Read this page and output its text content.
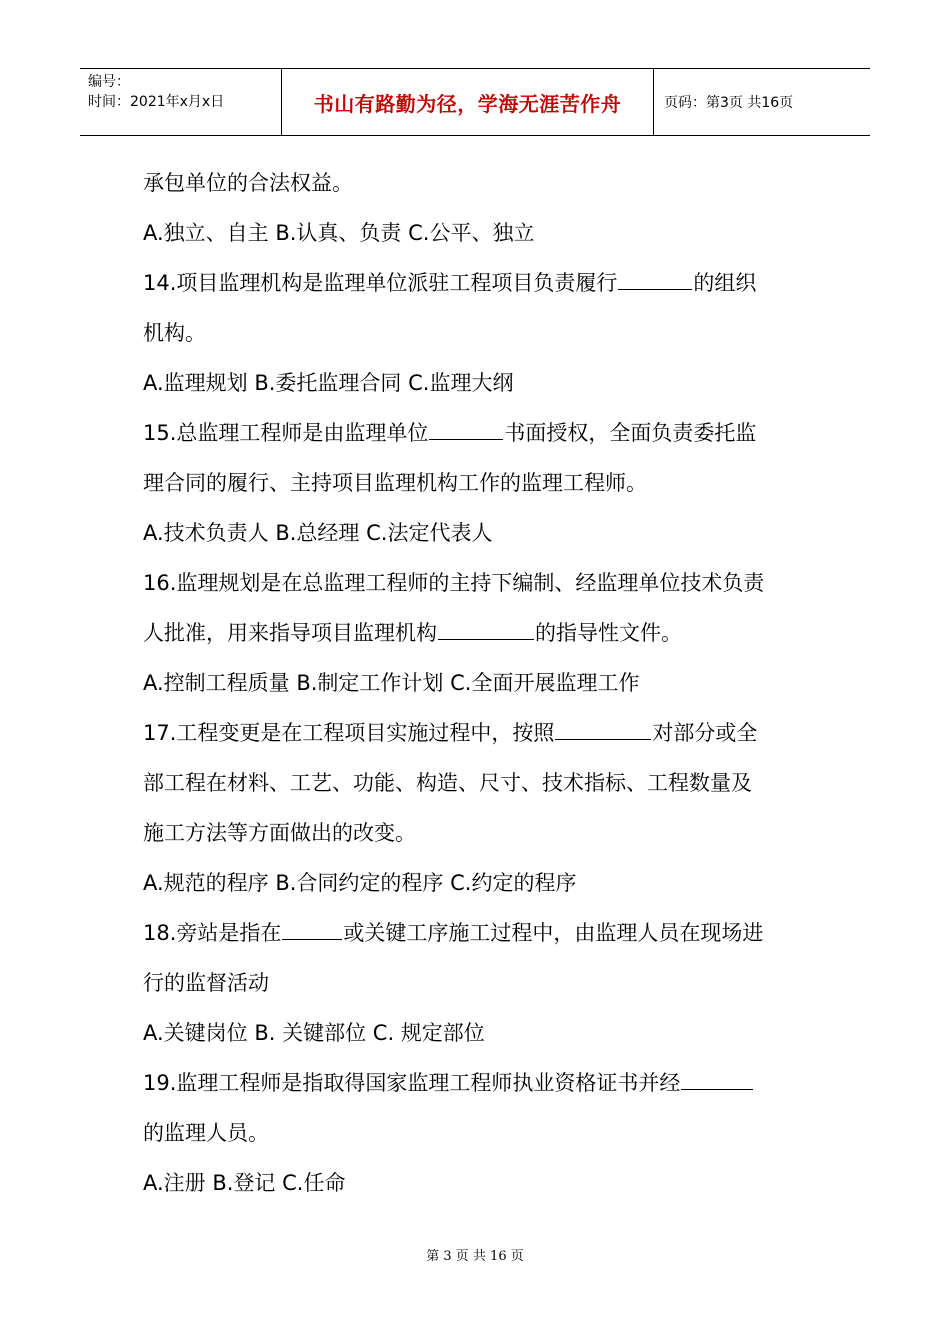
编号：
时间：2021年x月x日	书山有路勤为径，学海无涯苦作舟	页码：第3页 共16页
承包单位的合法权益。
A.独立、自主 B.认真、负责 C.公平、独立
14.项目监理机构是监理单位派驻工程项目负责履行	的组织
机构。
A.监理规划 B.委托监理合同 C.监理大纲
15.总监理工程师是由监理单位	书面授权，全面负责委托监
理合同的履行、主持项目监理机构工作的监理工程师。
A.技术负责人 B.总经理 C.法定代表人
16.监理规划是在总监理工程师的主持下编制、经监理单位技术负责
人批准，用来指导项目监理机构	的指导性文件。
A.控制工程质量 B.制定工作计划 C.全面开展监理工作
17.工程变更是在工程项目实施过程中，按照	对部分或全
部工程在材料、工艺、功能、构造、尺寸、技术指标、工程数量及
施工方法等方面做出的改变。
A.规范的程序 B.合同约定的程序 C.约定的程序
18.旁站是指在	或关键工序施工过程中，由监理人员在现场进
行的监督活动
A.关键岗位 B. 关键部位 C. 规定部位
19.监理工程师是指取得国家监理工程师执业资格证书并经
的监理人员。
A.注册 B.登记 C.任命
第 3 页 共 16 页
